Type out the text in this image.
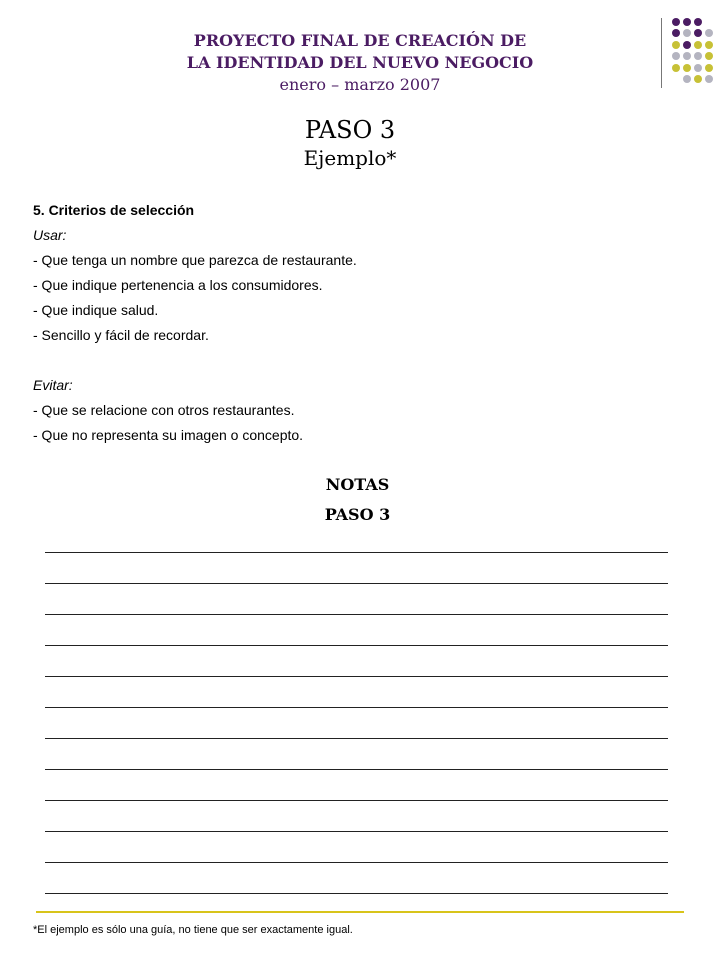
PROYECTO FINAL DE CREACIÓN DE
LA IDENTIDAD DEL NUEVO NEGOCIO
enero – marzo 2007
PASO 3
Ejemplo*
5. Criterios de selección
Usar:
- Que tenga un nombre que parezca de restaurante.
- Que indique pertenencia a los consumidores.
- Que indique salud.
- Sencillo y fácil de recordar.
Evitar:
- Que se relacione con otros restaurantes.
- Que no representa su imagen o concepto.
NOTAS
PASO 3
*El ejemplo es sólo una guía, no tiene que ser exactamente igual.
